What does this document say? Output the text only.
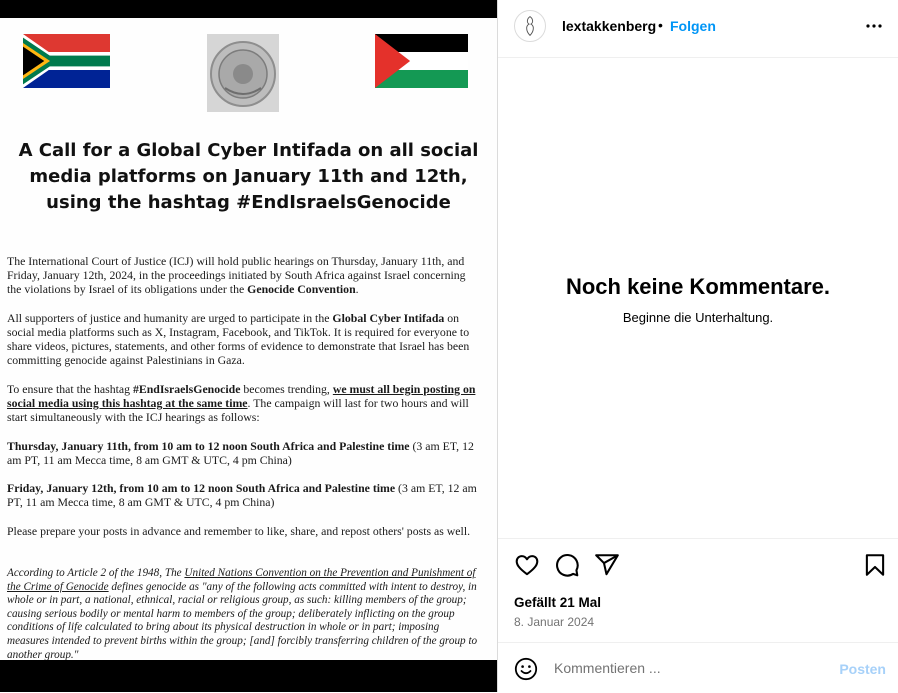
A Call for a Global Cyber Intifada on all social media platforms on January 11th and 12th, using the hashtag #EndIsraelsGenocide

The International Court of Justice (ICJ) will hold public hearings on Thursday, January 11th, and Friday, January 12th, 2024, in the proceedings initiated by South Africa against Israel concerning the violations by Israel of its obligations under the Genocide Convention.

All supporters of justice and humanity are urged to participate in the Global Cyber Intifada on social media platforms such as X, Instagram, Facebook, and TikTok. It is required for everyone to share videos, pictures, statements, and other forms of evidence to demonstrate that Israel has been committing genocide against Palestinians in Gaza.

To ensure that the hashtag #EndIsraelsGenocide becomes trending, we must all begin posting on social media using this hashtag at the same time. The campaign will last for two hours and will start simultaneously with the ICJ hearings as follows:

Thursday, January 11th, from 10 am to 12 noon South Africa and Palestine time (3 am ET, 12 am PT, 11 am Mecca time, 8 am GMT & UTC, 4 pm China)

Friday, January 12th, from 10 am to 12 noon South Africa and Palestine time (3 am ET, 12 am PT, 11 am Mecca time, 8 am GMT & UTC, 4 pm China)

Please prepare your posts in advance and remember to like, share, and repost others' posts as well.

According to Article 2 of the 1948, The United Nations Convention on the Prevention and Punishment of the Crime of Genocide defines genocide as "any of the following acts committed with intent to destroy, in whole or in part, a national, ethnical, racial or religious group, as such: killing members of the group; causing serious bodily or mental harm to members of the group; deliberately inflicting on the group conditions of life calculated to bring about its physical destruction in whole or in part; imposing measures intended to prevent births within the group; [and] forcibly transferring children of the group to another group."

lextakkenberg • Folgen
Noch keine Kommentare.
Beginne die Unterhaltung.
Gefällt 21 Mal
8. Januar 2024
Kommentieren ...
Posten
